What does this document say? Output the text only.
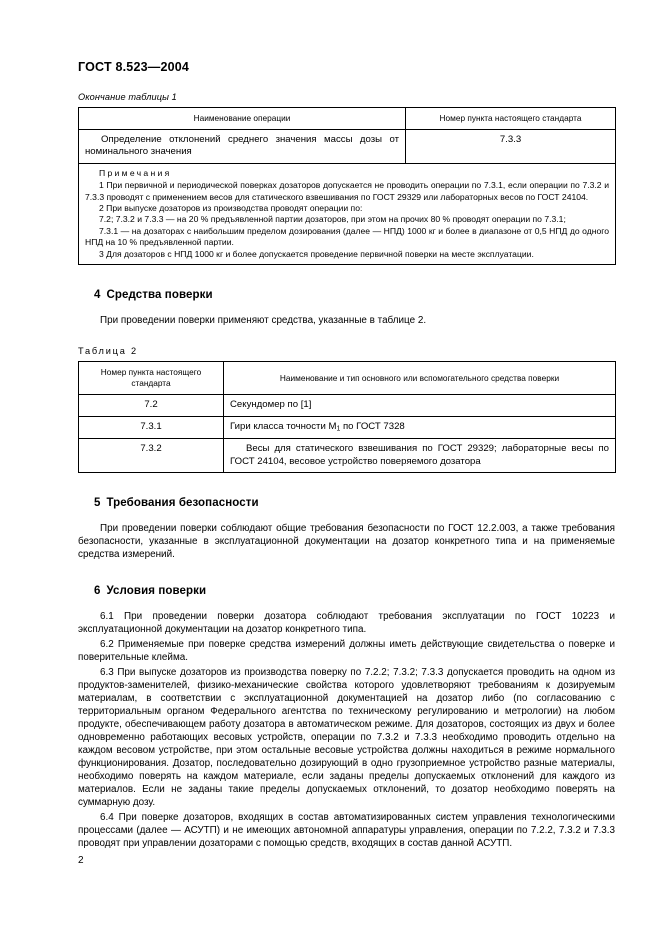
ГОСТ 8.523—2004
Окончание таблицы 1
Наименование операции	Номер пункта настоящего стандарта
Определение отклонений среднего значения массы дозы от номинального значения	7.3.3

Примечания

1 При первичной и периодической поверках дозаторов допускается не проводить операции по 7.3.1, если операции по 7.3.2 и 7.3.3 проводят с применением весов для статического взвешивания по ГОСТ 29329 или лабораторных весов по ГОСТ 24104.

2 При выпуске дозаторов из производства проводят операции по:

7.2; 7.3.2 и 7.3.3 — на 20 % предъявленной партии дозаторов, при этом на прочих 80 % проводят операции по 7.3.1;

7.3.1 — на дозаторах с наибольшим пределом дозирования (далее — НПД) 1000 кг и более в диапазоне от 0,5 НПД до одного НПД на 10 % предъявленной партии.

3 Для дозаторов с НПД 1000 кг и более допускается проведение первичной поверки на месте эксплуатации.

4 Средства поверки

При проведении поверки применяют средства, указанные в таблице 2.

Таблица 2
Номер пункта настоящего стандарта	Наименование и тип основного или вспомогательного средства поверки
7.2	Секундомер по [1]
7.3.1	Гири класса точности $М_1$ по ГОСТ 7328
7.3.2	Весы для статического взвешивания по ГОСТ 29329; лабораторные весы по ГОСТ 24104, весовое устройство поверяемого дозатора
5 Требования безопасности

При проведении поверки соблюдают общие требования безопасности по ГОСТ 12.2.003, а также требования безопасности, указанные в эксплуатационной документации на дозатор конкретного типа и на применяемые средства измерений.

6 Условия поверки

6.1 При проведении поверки дозатора соблюдают требования эксплуатации по ГОСТ 10223 и эксплуатационной документации на дозатор конкретного типа.

6.2 Применяемые при поверке средства измерений должны иметь действующие свидетельства о поверке и поверительные клейма.

6.3 При выпуске дозаторов из производства поверку по 7.2.2; 7.3.2; 7.3.3 допускается проводить на одном из продуктов-заменителей, физико-механические свойства которого удовлетворяют требованиям к дозируемым материалам, в соответствии с эксплуатационной документацией на дозатор либо (по согласованию с территориальным органом Федерального агентства по техническому регулированию и метрологии) на любом продукте, обеспечивающем работу дозатора в автоматическом режиме. Для дозаторов, состоящих из двух и более одновременно работающих весовых устройств, операции по 7.3.2 и 7.3.3 необходимо проводить отдельно на каждом весовом устройстве, при этом остальные весовые устройства должны находиться в режиме нормального функционирования. Дозатор, последовательно дозирующий в одно грузоприемное устройство разные материалы, необходимо поверять на каждом материале, если заданы пределы допускаемых отклонений для каждого из материалов. Если не заданы такие пределы допускаемых отклонений, то дозатор необходимо поверять на суммарную дозу.

6.4 При поверке дозаторов, входящих в состав автоматизированных систем управления технологическими процессами (далее — АСУТП) и не имеющих автономной аппаратуры управления, операции по 7.2.2, 7.3.2 и 7.3.3 проводят при управлении дозаторами с помощью средств, входящих в состав данной АСУТП.

2
